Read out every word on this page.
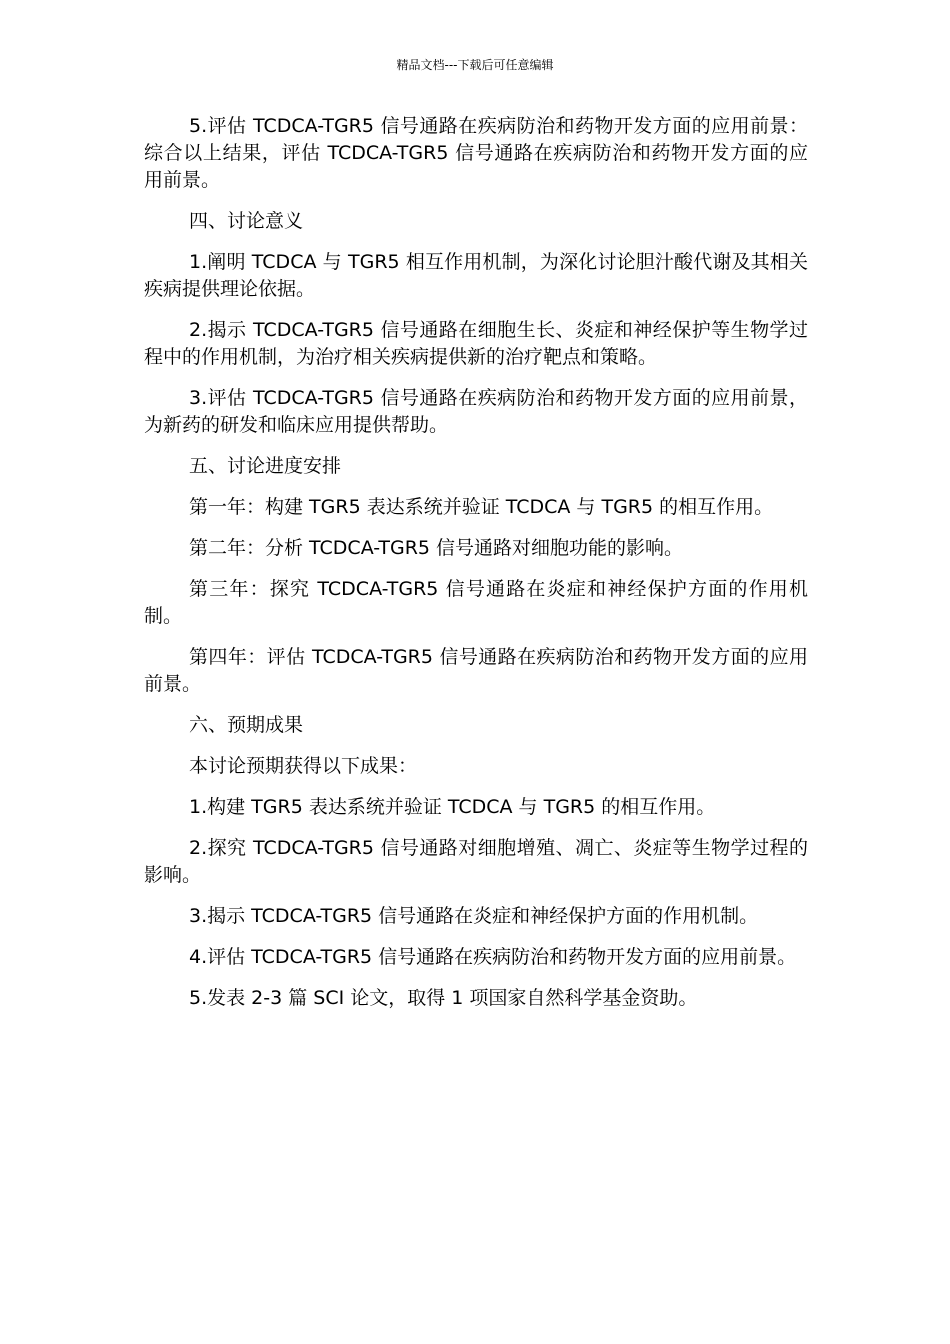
精品文档---下载后可任意编辑

5.评估 TCDCA-TGR5 信号通路在疾病防治和药物开发方面的应用前景：综合以上结果，评估 TCDCA-TGR5 信号通路在疾病防治和药物开发方面的应用前景。

四、讨论意义

1.阐明 TCDCA 与 TGR5 相互作用机制，为深化讨论胆汁酸代谢及其相关疾病提供理论依据。

2.揭示 TCDCA-TGR5 信号通路在细胞生长、炎症和神经保护等生物学过程中的作用机制，为治疗相关疾病提供新的治疗靶点和策略。

3.评估 TCDCA-TGR5 信号通路在疾病防治和药物开发方面的应用前景，为新药的研发和临床应用提供帮助。

五、讨论进度安排

第一年：构建 TGR5 表达系统并验证 TCDCA 与 TGR5 的相互作用。

第二年：分析 TCDCA-TGR5 信号通路对细胞功能的影响。

第三年：探究 TCDCA-TGR5 信号通路在炎症和神经保护方面的作用机制。

第四年：评估 TCDCA-TGR5 信号通路在疾病防治和药物开发方面的应用前景。

六、预期成果

本讨论预期获得以下成果：

1.构建 TGR5 表达系统并验证 TCDCA 与 TGR5 的相互作用。

2.探究 TCDCA-TGR5 信号通路对细胞增殖、凋亡、炎症等生物学过程的影响。

3.揭示 TCDCA-TGR5 信号通路在炎症和神经保护方面的作用机制。

4.评估 TCDCA-TGR5 信号通路在疾病防治和药物开发方面的应用前景。

5.发表 2-3 篇 SCI 论文，取得 1 项国家自然科学基金资助。
